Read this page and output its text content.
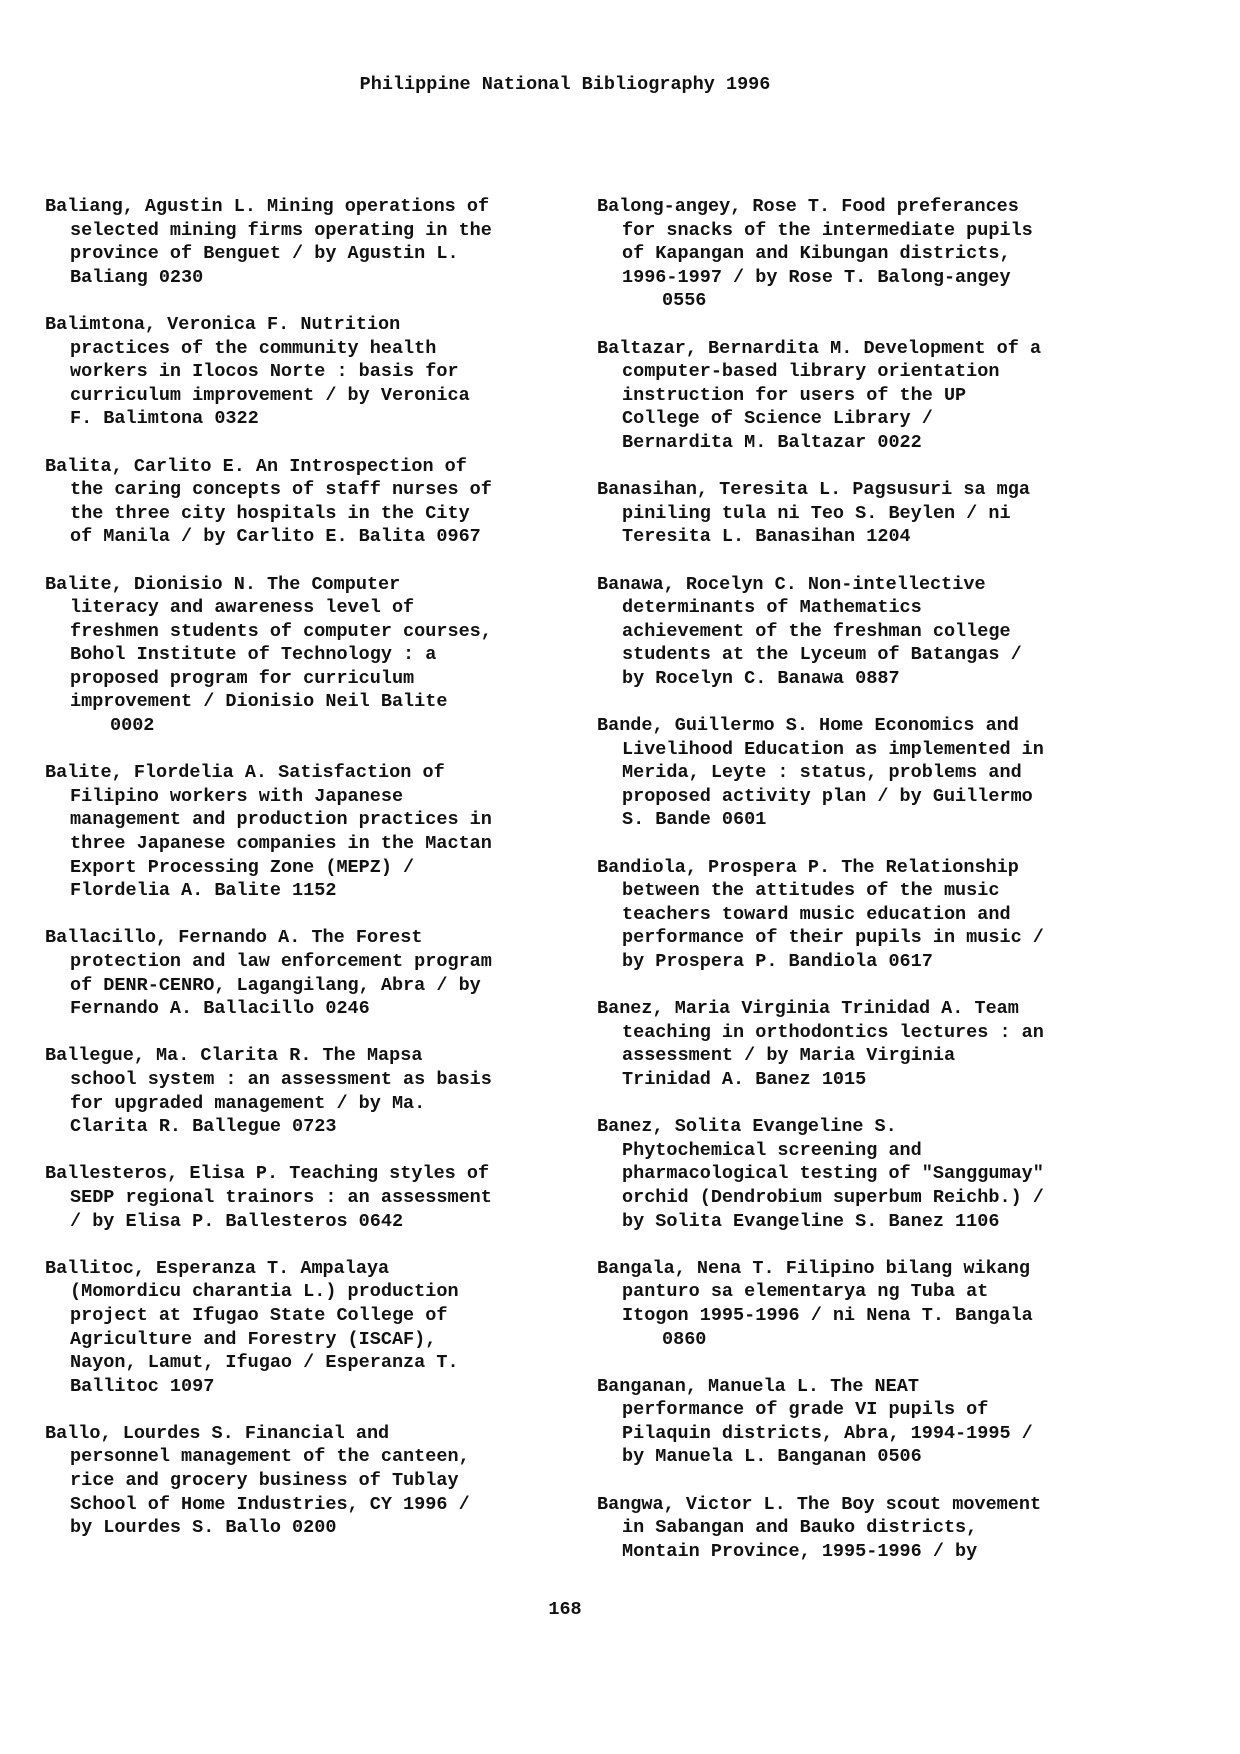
Philippine National Bibliography 1996
Baliang, Agustin L. Mining operations of
selected mining firms operating in the
province of Benguet / by Agustin L.
Baliang 0230
Balimtona, Veronica F. Nutrition
practices of the community health
workers in Ilocos Norte : basis for
curriculum improvement / by Veronica
F. Balimtona 0322
Balita, Carlito E. An Introspection of
the caring concepts of staff nurses of
the three city hospitals in the City
of Manila / by Carlito E. Balita 0967
Balite, Dionisio N. The Computer
literacy and awareness level of
freshmen students of computer courses,
Bohol Institute of Technology : a
proposed program for curriculum
improvement / Dionisio Neil Balite
0002
Balite, Flordelia A. Satisfaction of
Filipino workers with Japanese
management and production practices in
three Japanese companies in the Mactan
Export Processing Zone (MEPZ) /
Flordelia A. Balite 1152
Ballacillo, Fernando A. The Forest
protection and law enforcement program
of DENR-CENRO, Lagangilang, Abra / by
Fernando A. Ballacillo 0246
Ballegue, Ma. Clarita R. The Mapsa
school system : an assessment as basis
for upgraded management / by Ma.
Clarita R. Ballegue 0723
Ballesteros, Elisa P. Teaching styles of
SEDP regional trainors : an assessment
/ by Elisa P. Ballesteros 0642
Ballitoc, Esperanza T. Ampalaya
(Momordicu charantia L.) production
project at Ifugao State College of
Agriculture and Forestry (ISCAF),
Nayon, Lamut, Ifugao / Esperanza T.
Ballitoc 1097
Ballo, Lourdes S. Financial and
personnel management of the canteen,
rice and grocery business of Tublay
School of Home Industries, CY 1996 /
by Lourdes S. Ballo 0200
Balong-angey, Rose T. Food preferances
for snacks of the intermediate pupils
of Kapangan and Kibungan districts,
1996-1997 / by Rose T. Balong-angey
0556
Baltazar, Bernardita M. Development of a
computer-based library orientation
instruction for users of the UP
College of Science Library /
Bernardita M. Baltazar 0022
Banasihan, Teresita L. Pagsusuri sa mga
piniling tula ni Teo S. Beylen / ni
Teresita L. Banasihan 1204
Banawa, Rocelyn C. Non-intellective
determinants of Mathematics
achievement of the freshman college
students at the Lyceum of Batangas /
by Rocelyn C. Banawa 0887
Bande, Guillermo S. Home Economics and
Livelihood Education as implemented in
Merida, Leyte : status, problems and
proposed activity plan / by Guillermo
S. Bande 0601
Bandiola, Prospera P. The Relationship
between the attitudes of the music
teachers toward music education and
performance of their pupils in music /
by Prospera P. Bandiola 0617
Banez, Maria Virginia Trinidad A. Team
teaching in orthodontics lectures : an
assessment / by Maria Virginia
Trinidad A. Banez 1015
Banez, Solita Evangeline S.
Phytochemical screening and
pharmacological testing of "Sanggumay"
orchid (Dendrobium superbum Reichb.) /
by Solita Evangeline S. Banez 1106
Bangala, Nena T. Filipino bilang wikang
panturo sa elementarya ng Tuba at
Itogon 1995-1996 / ni Nena T. Bangala
0860
Banganan, Manuela L. The NEAT
performance of grade VI pupils of
Pilaquin districts, Abra, 1994-1995 /
by Manuela L. Banganan 0506
Bangwa, Victor L. The Boy scout movement
in Sabangan and Bauko districts,
Montain Province, 1995-1996 / by
168
